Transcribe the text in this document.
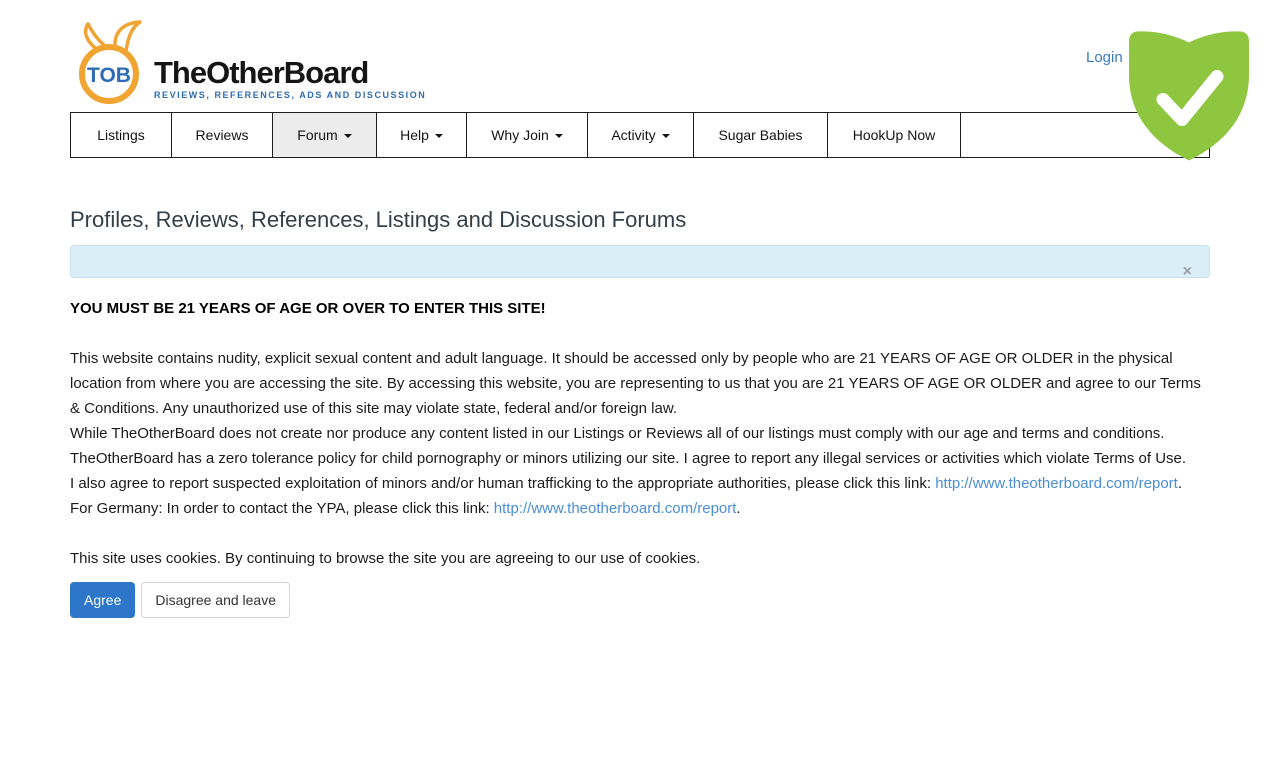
TOB TheOtherBoard
REVIEWS, REFERENCES, ADS AND DISCUSSION
Login
Listings	Reviews	Forum	Help	Why Join	Activity	Sugar Babies	HookUp Now
Profiles, Reviews, References, Listings and Discussion Forums
×
YOU MUST BE 21 YEARS OF AGE OR OVER TO ENTER THIS SITE!
This website contains nudity, explicit sexual content and adult language. It should be accessed only by people who are 21 YEARS OF AGE OR OLDER in the physical location from where you are accessing the site. By accessing this website, you are representing to us that you are 21 YEARS OF AGE OR OLDER and agree to our Terms & Conditions. Any unauthorized use of this site may violate state, federal and/or foreign law.
While TheOtherBoard does not create nor produce any content listed in our Listings or Reviews all of our listings must comply with our age and terms and conditions.
TheOtherBoard has a zero tolerance policy for child pornography or minors utilizing our site. I agree to report any illegal services or activities which violate Terms of Use.
I also agree to report suspected exploitation of minors and/or human trafficking to the appropriate authorities, please click this link: http://www.theotherboard.com/report.
For Germany: In order to contact the YPA, please click this link: http://www.theotherboard.com/report.
This site uses cookies. By continuing to browse the site you are agreeing to our use of cookies.
Agree	Disagree and leave
